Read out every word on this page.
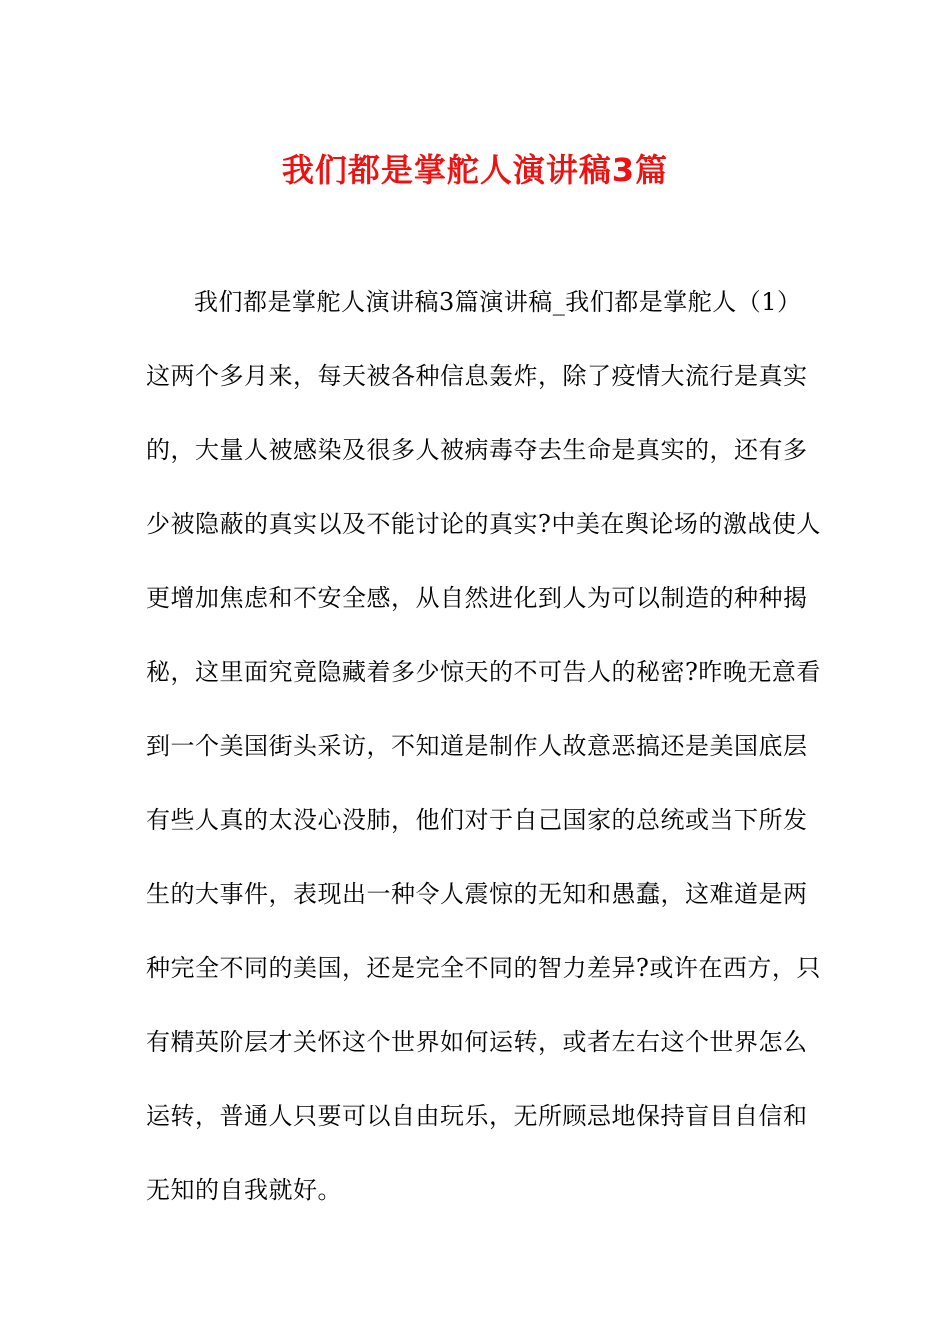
我们都是掌舵人演讲稿3篇
我们都是掌舵人演讲稿3篇演讲稿_我们都是掌舵人（1）
这两个多月来，每天被各种信息轰炸，除了疫情大流行是真实
的，大量人被感染及很多人被病毒夺去生命是真实的，还有多
少被隐蔽的真实以及不能讨论的真实?中美在舆论场的激战使人
更增加焦虑和不安全感，从自然进化到人为可以制造的种种揭
秘，这里面究竟隐藏着多少惊天的不可告人的秘密?昨晚无意看
到一个美国街头采访，不知道是制作人故意恶搞还是美国底层
有些人真的太没心没肺，他们对于自己国家的总统或当下所发
生的大事件，表现出一种令人震惊的无知和愚蠢，这难道是两
种完全不同的美国，还是完全不同的智力差异?或许在西方，只
有精英阶层才关怀这个世界如何运转，或者左右这个世界怎么
运转，普通人只要可以自由玩乐，无所顾忌地保持盲目自信和
无知的自我就好。
